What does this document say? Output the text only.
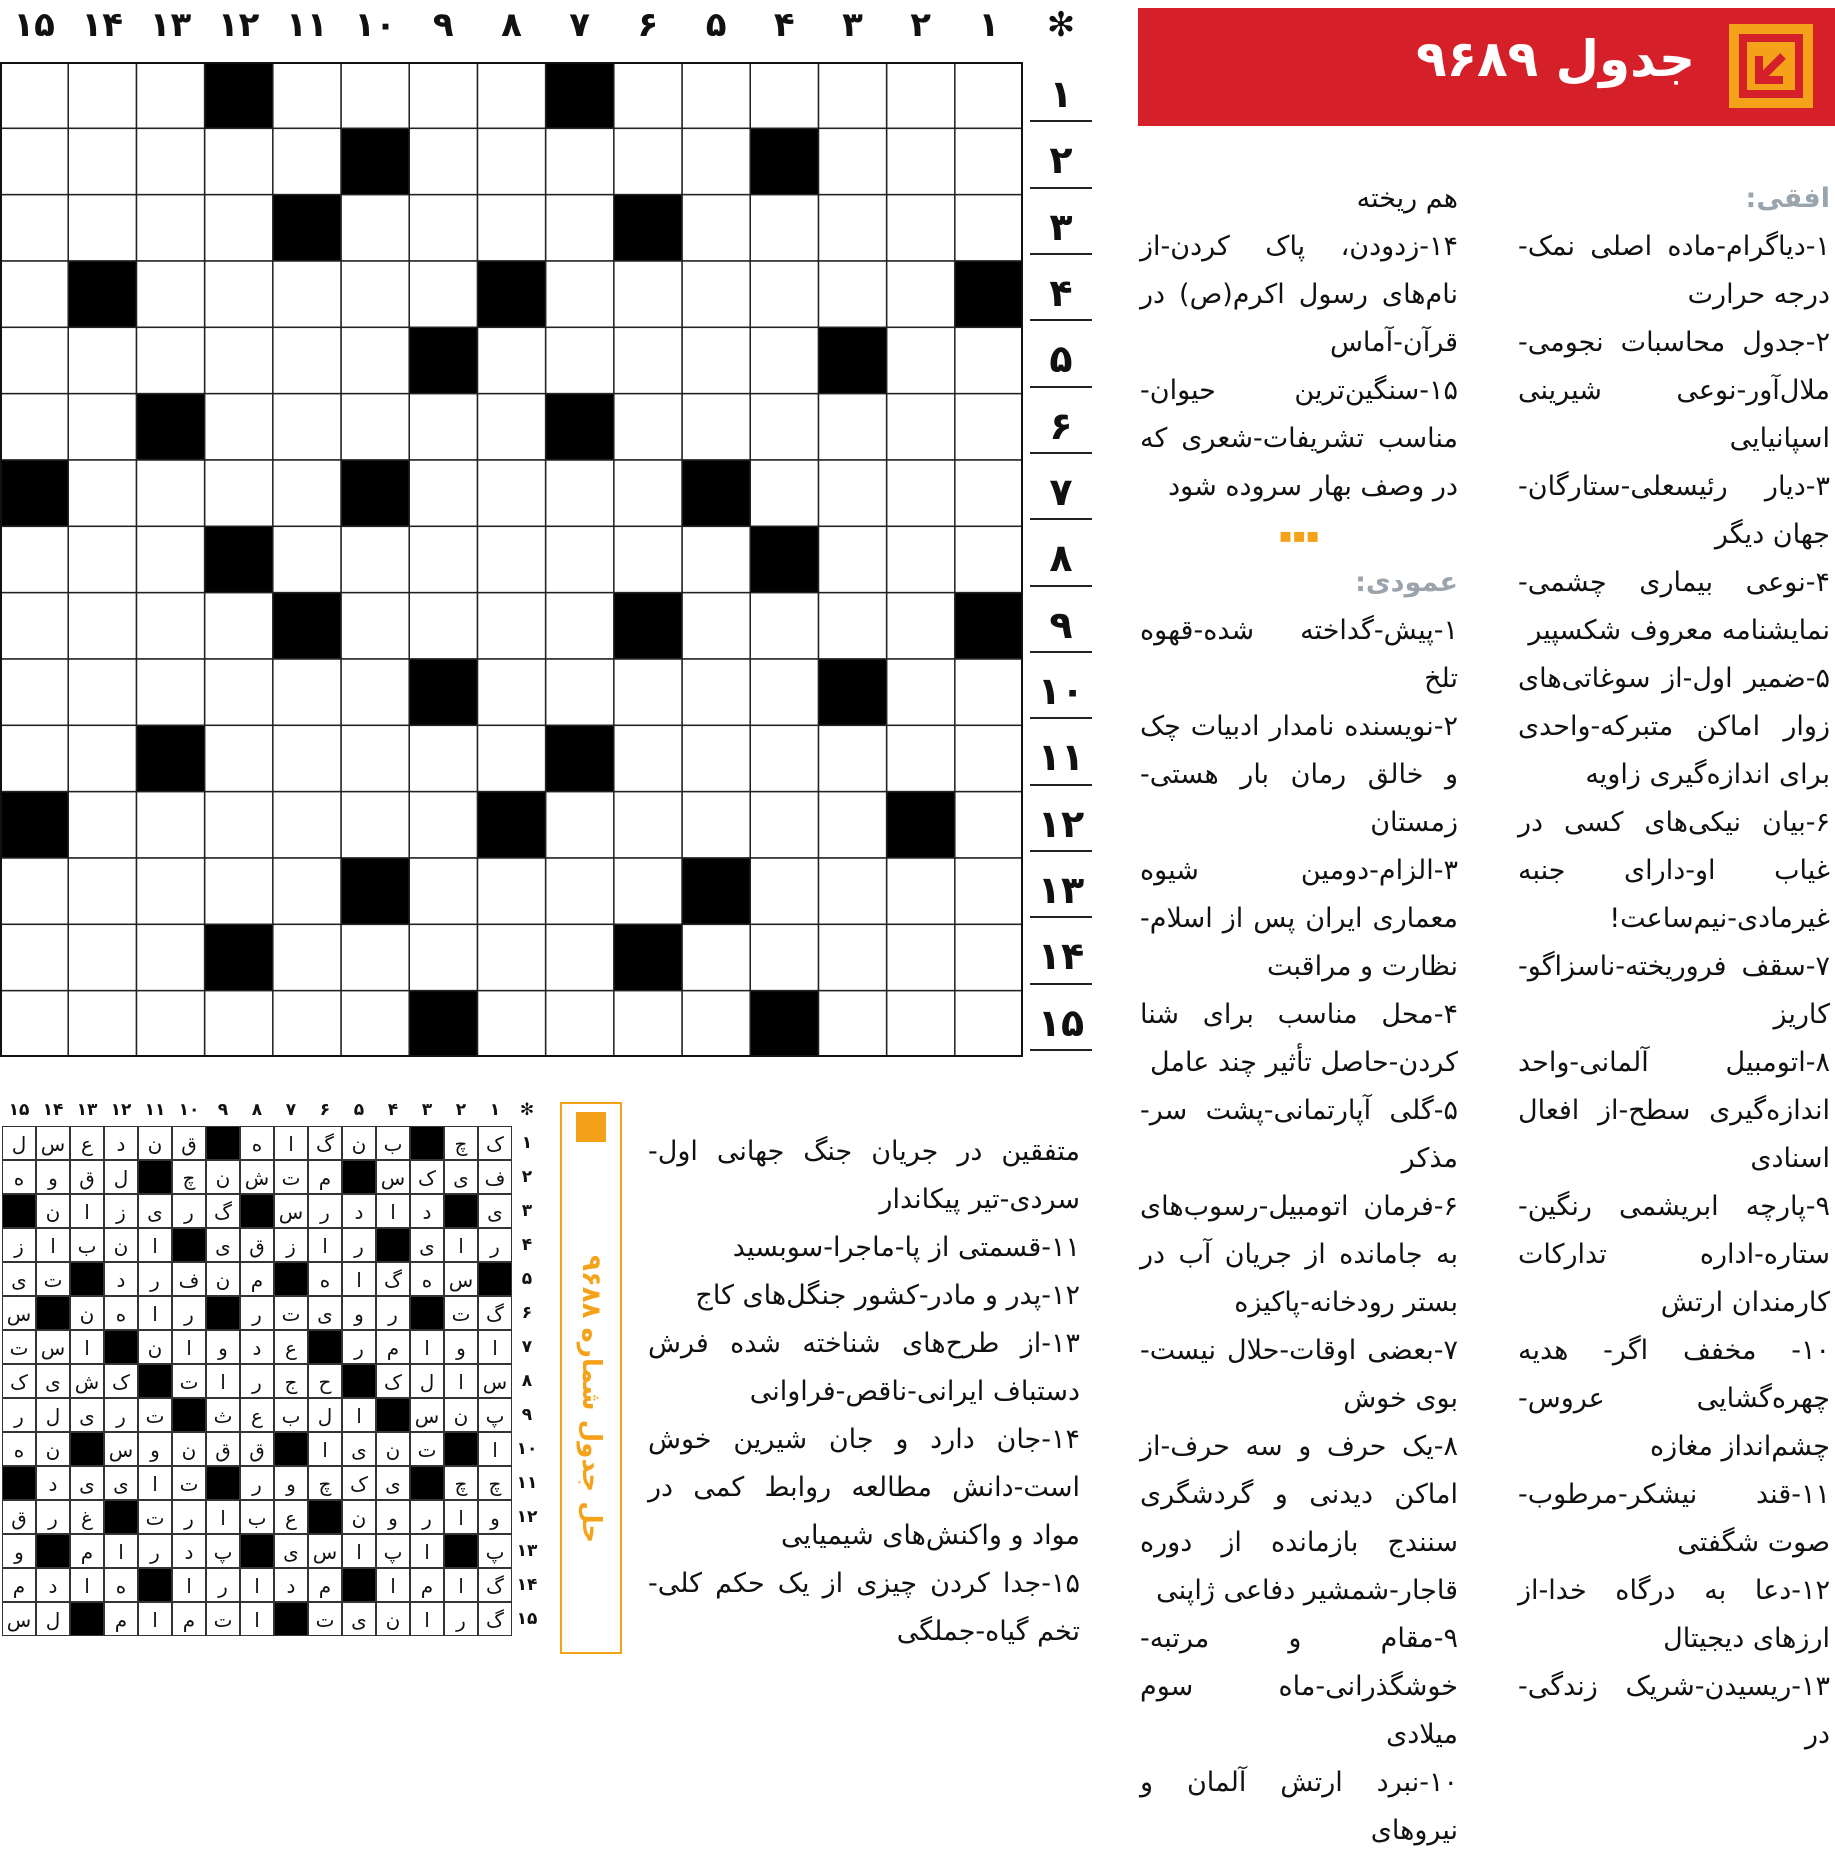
۱
۲
۳
۴
۵
۶
۷
۸
۹
۱۰
۱۱
۱۲
۱۳
۱۴
۱۵	✻
۱
۲
۳
۴
۵
۶
۷
۸
۹
۱۰
۱۱
۱۲
۱۳
۱۴
۱۵
جدول ۹۶۸۹

افقی:

۱-دیاگرام-ماده اصلی نمک-درجه حرارت

۲-جدول محاسبات نجومی-ملال‌آور-نوعی شیرینی اسپانیایی

۳-دیار رئیسعلی-ستارگان-جهان دیگر

۴-نوعی بیماری چشمی-نمایشنامه معروف شکسپیر

۵-ضمیر اول-از سوغاتی‌های زوار اماکن متبرکه-واحدی برای اندازه‌گیری زاویه

۶-بیان نیکی‌های کسی در غیاب او-دارای جنبه غیرمادی-نیم‌ساعت!

۷-سقف فروریخته-ناسزاگو-کاریز

۸-اتومبیل آلمانی-واحد اندازه‌گیری سطح-از افعال اسنادی

۹-پارچه ابریشمی رنگین-ستاره-اداره تدارکات کارمندان ارتش

۱۰- مخفف اگر- هدیه چهره‌گشایی عروس-چشم‌انداز مغازه

۱۱-قند نیشکر-مرطوب-صوت شگفتی

۱۲-دعا به درگاه خدا-از ارزهای دیجیتال

۱۳-ریسیدن-شریک زندگی-در

هم ریخته

۱۴-زدودن، پاک کردن-از نام‌های رسول اکرم(ص) در قرآن-آماس

۱۵-سنگین‌ترین حیوان-مناسب تشریفات-شعری که در وصف بهار سروده شود

▪▪▪

عمودی:

۱-پیش-گداخته شده-قهوه تلخ

۲-نویسنده نامدار ادبیات چک و خالق رمان بار هستی-زمستان

۳-الزام-دومین شیوه معماری ایران پس از اسلام-نظارت و مراقبت

۴-محل مناسب برای شنا کردن-حاصل تأثیر چند عامل

۵-گلی آپارتمانی-پشت سر-مذکر

۶-فرمان اتومبیل-رسوب‌های به جامانده از جریان آب در بستر رودخانه-پاکیزه

۷-بعضی اوقات-حلال نیست-بوی خوش

۸-یک حرف و سه حرف-از اماکن دیدنی و گردشگری سنندج بازمانده از دوره قاجار-شمشیر دفاعی ژاپنی

۹-مقام و مرتبه-خوشگذرانی-ماه سوم میلادی

۱۰-نبرد ارتش آلمان و نیروهای

متفقین در جریان جنگ جهانی اول-سردی-تیر پیکاندار

۱۱-قسمتی از پا-ماجرا-سوبسید

۱۲-پدر و مادر-کشور جنگل‌های کاج

۱۳-از طرح‌های شناخته شده فرش دستباف ایرانی-ناقص-فراوانی

۱۴-جان دارد و جان شیرین خوش است-دانش مطالعه روابط کمی در مواد و واکنش‌های شیمیایی

۱۵-جدا کردن چیزی از یک حکم کلی-تخم گیاه-جملگی

حل جدول شماره ۹۶۸۸
۱
۲
۳
۴
۵
۶
۷
۸
۹
۱۰
۱۱
۱۲
۱۳
۱۴
۱۵	✻
۱
ک
چ
ب
ن
گ
ا
ه
ق
ن
د
ع
س
ل
۲
ف
ی
ک
س
م
ت
ش
ن
چ
ل
ق
و
ه
۳
ی
د
ا
د
ر
س
گ
ر
ی
ز
ا
ن
۴
ر
ا
ی
ر
ا
ز
ق
ی
ا
ن
ب
ا
ز
۵
س
ه
گ
ا
ه
م
ن
ف
ر
د
ت
ی
۶
گ
ت
ر
و
ی
ت
ر
ر
ا
ه
ن
س
۷
ا
و
ا
م
ر
ع
د
و
ا
ن
ا
س
ت
۸
س
ا
ل
ک
ح
ج
ر
ا
ت
ک
ش
ی
ک
۹
پ
ن
س
ا
ل
ب
ع
ث
ت
ر
ی
ل
ر
۱۰
ا
ت
ن
ی
ا
ق
ق
ن
و
س
ن
ه
۱۱
چ
چ
ی
ک
چ
و
ر
ت
ا
ی
ی
د
۱۲
و
ا
ر
و
ن
ع
ب
ا
ر
ت
غ
ر
ق
۱۳
پ
ا
پ
ا
س
ی
پ
د
ر
ا
م
و
۱۴
گ
ا
م
ا
م
د
ا
ر
ا
ه
ا
د
م
۱۵
گ
ر
ا
ن
ی
ت
ا
ت
م
ا
م
ل
س
